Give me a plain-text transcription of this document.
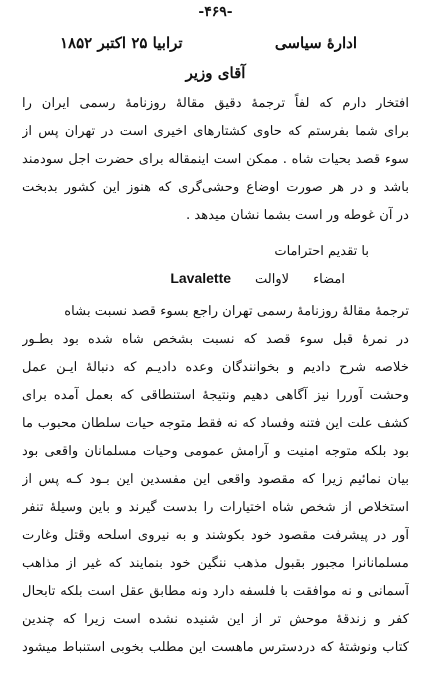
-۴۶۹-
ادارهٔ سیاسی
ترابیا ۲۵ اکتبر ۱۸۵۲
آقای وزیر
افتخار دارم که لفاً ترجمهٔ دقیق مقالهٔ روزنامهٔ رسمی ایران را
برای شما بفرستم که حاوی کشتارهای اخیری است در تهران پس از
سوء قصد بحیات شاه . ممکن است اینمقاله برای حضرت اجل سودمند
باشد و در هر صورت اوضاع وحشی‌گری که هنوز این کشور بدبخت
در آن غوطه ور است بشما نشان میدهد .
با تقدیم احترامات
امضاء
لاوالت
Lavalette
ترجمهٔ مقالهٔ روزنامهٔ رسمی تهران راجع بسوء قصد نسبت بشاه
در نمرهٔ قبل سوء قصد که نسبت بشخص شاه شده بود بطـور
خلاصه شرح دادیم و بخوانندگان وعده دادیـم که دنبالهٔ ایـن عمل
وحشت آوررا نیز آگاهی دهیم ونتیجهٔ استنطاقی که بعمل آمده برای
کشف علت این فتنه وفساد که نه فقط متوجه حیات سلطان محبوب ما
بود بلکه متوجه امنیت و آرامش عمومی وحیات مسلمانان واقعی بود
بیان نمائیم زیرا که مقصود واقعی این مفسدین این بـود کـه پس از
استخلاص از شخص شاه اختیارات را بدست گیرند و باین وسیلهٔ تنفر
آور در پیشرفت مقصود خود بکوشند و به نیروی اسلحه وقتل وغارت
مسلمانانرا مجبور بقبول مذهب ننگین خود بنمایند که غیر از مذاهب
آسمانی و نه موافقت با فلسفه دارد ونه مطابق عقل است بلکه تابحال
کفر و زندقهٔ موحش تر از این شنیده نشده است زیرا که چندین
کتاب ونوشتهٔ که دردسترس ماهست این مطلب بخوبی استنباط میشود
